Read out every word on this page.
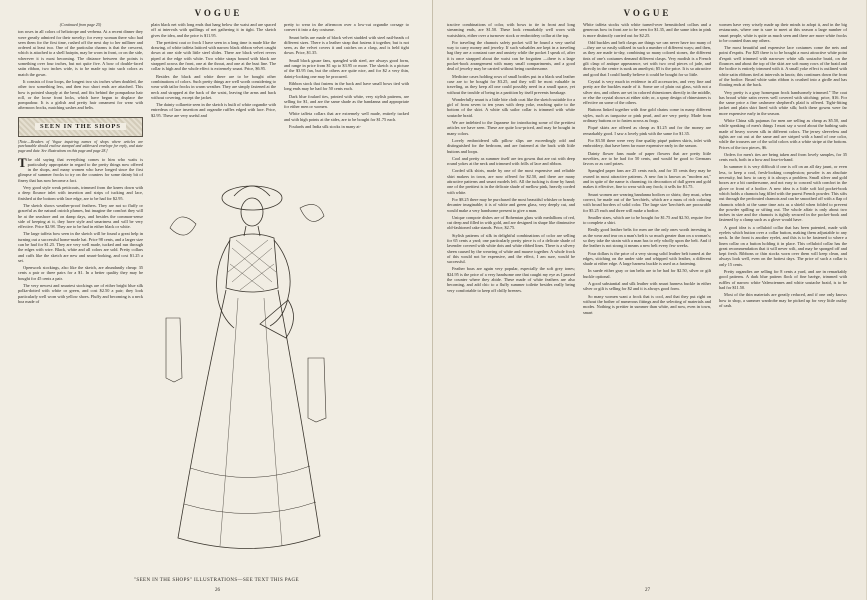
VOGUE
(Continued from page 25)

ton roses in all colors of heliotrope and verbena. At a recent dinner they were greatly admired for their novelty; for every woman there who had seen them for the first time, rushed off the next day to her milliner and ordered at least two. One of the particular charms is that the crescent, which is attached to a shell hairpin, may be worn in front, or on the side, wherever it is most becoming. The distance between the points is something over four inches, but not quite five. A bow of double-faced satin ribbon, two inches wide, is to be made up into such colors as match the gown.

It consists of four loops, the longest two six inches when doubled, the other two something less, and then two short ends are attached. This bow is pointed sharply at the bend, and fits behind the pompadour hair roll, or the loose front locks, which have begun to displace the pompadour. It is a girlish and pretty hair ornament for wear with afternoon frocks, matching sashes and belts.

SEEN IN THE SHOPS
[Note.—Readers of Vogue inquiring names of shops where articles are purchasable should enclose stamped and addressed envelope for reply, and state page and date. See illustrations on this page and page 28.]

The old saying that everything comes to him who waits is particularly appropriate in regard to the pretty things now offered in the shops, and many women who have longed since the first glimpse of summer frocks to try on the counters for some dainty bit of finery that has now become a fact.

Very good style weak petticoats, trimmed from the knees down with a deep flounce inlet with insertion and strips of tucking and lace, finished at the bottom with lace edge, are to be had for $2.95.

The sketch shows weather-proof feathers. They are not so fluffy or graceful as the natural ostrich plumes, but imagine the comfort they will be at the seashore and on damp days, and besides the common-sense side of keeping at it, they have style and smartness and will be very effective. Price $2.98. They are to be had in either black or white.

The large taffeta bow seen in the sketch will be found a great help in turning out a successful home-made hat. Price 98 cents, and a larger size can be had for $1.25. They are very well made, tucked and run through the edges with wire. Black, white and all colors are sold. Pretty collars and cuffs like the sketch are new and smart-looking, and cost $1.25 a set.

Openwork stockings, also like the sketch, are abundantly cheap: 35 cents a pair or three pairs for a $1. In a better quality they may be bought for 45 cents a pair.

The very newest and smartest stockings are of either bright blue silk polka-dotted with white or green, and cost $2.50 a pair; they look particularly well worn with yellow shoes. Fluffy and becoming is a neck boa made of

plain black net with long ends that hang below the waist and are spaced off at intervals with quillings of net gathering it in tight. The sketch gives the idea, and the price is $11.95.

The prettiest coat or frock I have seen in a long time is made like the drawing, of white taffeta latticed with narrow black ribbon velvet caught down at one side with little steel slides. There are black velvet revers piped at the edge with white. Two white straps bound with black are strapped across the front, one at the throat, and one at the bust line. The collar is high and the whole effect is extremely smart. Price, $6.95.

Besides the black and white there are to be bought other combinations of colors. Such pretty things are well worth considering to wear with tailor frocks in warm weather. They are simply fastened at the neck and strapped at the back of the waist, leaving the arms and back without covering, except the jacket.

The dainty collarette seen in the sketch is built of white organdie with entredeux of lace insertion and organdie ruffles edged with lace. Price, $2.95. These are very useful and

pretty to wear in the afternoon over a low-cut organdie corsage to convert it into a day costume.

Smart belts are made of black velvet studded with steel nail-heads of different sizes. There is a leather strap that fastens it together, but is not seen, as the velvet covers it and catches on a clasp, and is held tight down. Price, $1.35.

Small black gauze fans, spangled with steel, are always good form, and range in price from $1 up to $3.95 or more. The sketch is a picture of the $3.95 fan, but the others are quite nice, and for $2 a very thin, dainty-looking one may be procured.

Ribbon stock that fastens in the back and have small bows tied with long ends may be had for 50 cents each.

Dark blue foulard ties, printed with white, very stylish patterns, are selling for $1, and are the same shade as the bandanna and appropriate for either men or women.

White taffeta collars that are extremely well made, entirely tucked and with high points at the sides, are to be bought for $1.75 each.

Foulards and India silk stocks in many at-

"SEEN IN THE SHOPS" ILLUSTRATIONS—SEE TEXT THIS PAGE
26
VOGUE

tractive combinations of color, with bows to tie in front and long streaming ends, are $1.50. These look remarkably well worn with waistshirts, either over a turnover stock or embroidery collar at the top.

For traveling the chamois safety pocket will be found a very useful way to carry money and jewelry. If such valuables are kept in a traveling bag they are a constant care and anxiety while the pocket I speak of, after it is once strapped about the waist can be forgotten —there is a large pocket-book arrangement with many small compartments, and a good deal of jewelry may be carried without being cumbersome.

Medicine cases holding rows of small bottles put in a black seal leather case are to be bought for $3.25, and they will be most valuable in traveling, as they keep all one could possibly need in a small space, yet without the trouble of being in a partition by itself prevents breakage.

Wonderfully smart is a little bite cloth coat like the sketch suitable for a girl of from seven to ten years with deep yoke, reaching quite to the bottom of the skirt. A white silk sailor collar is trimmed with white soutache braid.

We are indebted to the Japanese for introducing some of the prettiest articles we have seen. These are quite low-priced, and may be bought in many colors.

Lovely embroidered silk pillow slips are exceedingly odd and distinguished for the bedroom, and are fastened at the back with little buttons and loops.

Cool and pretty as summer itself are tea gowns that are cut with deep round yokes at the neck and trimmed with frills of lace and ribbon.

Corded silk shirts, made by one of the most expensive and reliable shirt makers in town, are now offered for $2.50, and there are many attractive patterns and smart models left. All the tucking is done by hand; one of the prettiest is in the delicate shade of mellow pink, heavily corded with white.

For $8.25 there may be purchased the most beautiful whisker or brandy decanter imaginable; it is of white and green glass, very deeply cut, and would make a very handsome present to give a man.

Unique compote dishes are of Bohemian glass with medallions of red, cut deep and filled in with gold, and are designed in shape like diminutive old-fashioned cake stands. Price, $2.75.

Stylish patterns of silk in delightful combinations of color are selling for 65 cents a yard; one particularly pretty piece is of a delicate shade of lavender covered with white dots and white ribbed lines. There is a silvery sheen caused by the weaving of white and mauve together. A whole frock of this would not be expensive, and the effect, I am sure, would be successful.

Feather boas are again very popular, especially the soft grey tones; $24.95 is the price of a very handsome one that caught my eye as I passed the counter where they abide. These made of white feathers are also becoming, and add chic to a fluffy summer toilette besides really being very comfortable to keep off chilly breezes.

White taffeta stocks with white turned-over hemstitched collars and a generous bow in front are to be seen for $1.35, and the same idea in pink is more distinctly carried out for $2.25.

Odd buckles and belt clasps are things we can never have too many of—they are so easily utilized in such a number of different ways; and then, as they are made to-day, combining so many colored stones, the different tints of one's costumes demand different clasps. Very modish is a French gilt clasp of antique appearance, set with two oval pieces of jade, and directly in the centre is sunk an amethyst; $5 is the price. It is so attractive and good that I could hardly believe it could be bought for so little.

Crystal is very much in evidence in all accessories, and very fine and pretty are the buckles made of it. Some are of plain cut glass, with not a silver rim, and others are set in colored rhinestones directly in the middle, or else the crystal shows at either side; or, a spray design of rhinestones is effective on some of the others.

Buttons linked together with fine gold chains come in many different styles, such as turquoise or pink pearl, and are very pretty. Made from ordinary buttons or to fasten across as frogs.

Piqué skirts are offered as cheap as $1.25 and for the money are remarkably good. I saw a lovely pink with the same for $1.35.

For $3.50 there were very fine quality piqué pattern skirts, inlet with embroidery, that have been far more expensive early in the season.

Dainty flower fans made of paper flowers that are pretty little novelties, are to be had for 50 cents, and would be good to Germans favors or as card prizes.

Spangled paper fans are 25 cents each, and for 35 cents they may be owned in most attractive patterns. A new fan is known as "modern art," and in spite of the name is charming; its decoration of dull green and gold makes it effective, fine to wear with any frock; it sells for $1.75.

Smart women are wearing bandanna bodices or shirts; they must, when correct, be made out of the 'kerchiefs, which are a mass of rich coloring with broad borders of solid color. The large size 'kerchiefs are procurable for $5.25 each and three will make a bodice.

Smaller sizes, which are to be bought for $1.75 and $2.50, require five to complete a shirt.

Really good leather belts for men are the only ones worth investing in as the wear and tear on a man's belt is so much greater than on a woman's; so they take the strain with a man has to rely wholly upon the belt. And if the leather is not strong it means a new belt every few weeks.

Four dollars is the price of a very strong solid leather belt turned at the edges, stitching on the under side and whipped with leather, a different shade at either edge. A large harness buckle is used as a fastening.

In suede either gray or tan belts are to be had for $2.50, silver or gilt buckle optional.

A good substantial and silk leather with smart harness buckle in either silver or gilt is selling for $2 and it is always good form.

So many women want a frock that is cool, and that they put right on without the bother of numerous fittings and the selecting of materials and modes. Nothing is prettier in summer than white, and now, even in town, smart

women have very wisely made up their minds to adopt it, and in the big restaurants, where one is sure to meet at this season a large number of smart people, white is quite as much seen and there are more white frocks to be counted than any others.

The most beautiful and expensive lace costumes come the nets and point d'esprits. For $25 there is to be bought a most attractive white point d'esprit well trimmed with narrower white silk soutache braid, on the flounces and about the top of the skirt are soft many rows of the braid and the bodice is entirely trimmed with it. A small yoke effect is outlined with white satin ribbons tied at intervals in knots; this continues down the front of the bodice. Broad white satin ribbon is crushed into a girdle and has floating ends at the back.

Very pretty is a gray homespun frock handsomely trimmed." The coat has broad white satin revers well covered with stitching; price, $16. For the same price a fine cashmere shepherd's plaid is offered. Tight-fitting jacket and plain skirt lined with white silk; both these gowns were far more expensive early in the season.

White China silk pajamas for men are selling as cheap as $5.50, and while speaking of men's things I must say a word about the bathing suits made of heavy woven silk in different colors. The jersey sleeveless and tights are cut out at the same and are striped with a band of one color, while the trousers are of the solid colors with a white stripe at the bottom. Prices of the two pieces, $6.

Orders for men's ties are being taken and from lovely samples, for 35 cents each, both in a bow and four-in-hand.

In summer it is very difficult if one is off on an all day jaunt, or even less, to keep a cool, fresh-looking complexion; powder is an absolute necessity, but how to carry it is always a problem. Small silver and gold boxes are a bit cumbersome, and not easy to conceal with comfort in the glove or front of a bodice. A new idea is a little soft kid pocket-book which holds a chamois bag filled with the purest French powder. This sifts out through the perforated chamois and can be smoothed off with a flap of chamois which at the same time acts as a shield when folded to prevent the powder spilling or sifting out. The whole affair is only about two inches in size and the chamois is tightly secured in the pocket-book and fastened by a clamp such as a glove would have.

A good idea is a celluloid collar that has been patented, made with eyelets which button over a collar button, making them adjustable to any neck. In the front is another eyelet, and this is to be fastened to where a linen collar on a button holding it in place. This celluloid collar has the great recommendation that it will never wilt, and may be sponged off and kept fresh. Ribbons or thin stocks worn over them will keep clean, and always look well, even on the hottest days. The price of such a collar is only 15 cents.

Pretty organdies are selling for 8 cents a yard, and are in remarkably good patterns. A dark blue pattern flock of fine barège, trimmed with ruffles of narrow white Valenciennes and white soutache braid, is to be had for $11.50.

Most of the thin materials are greatly reduced, and if one only knows how to shop, a summer wardrobe may be picked up for very little outlay of cash.

27
